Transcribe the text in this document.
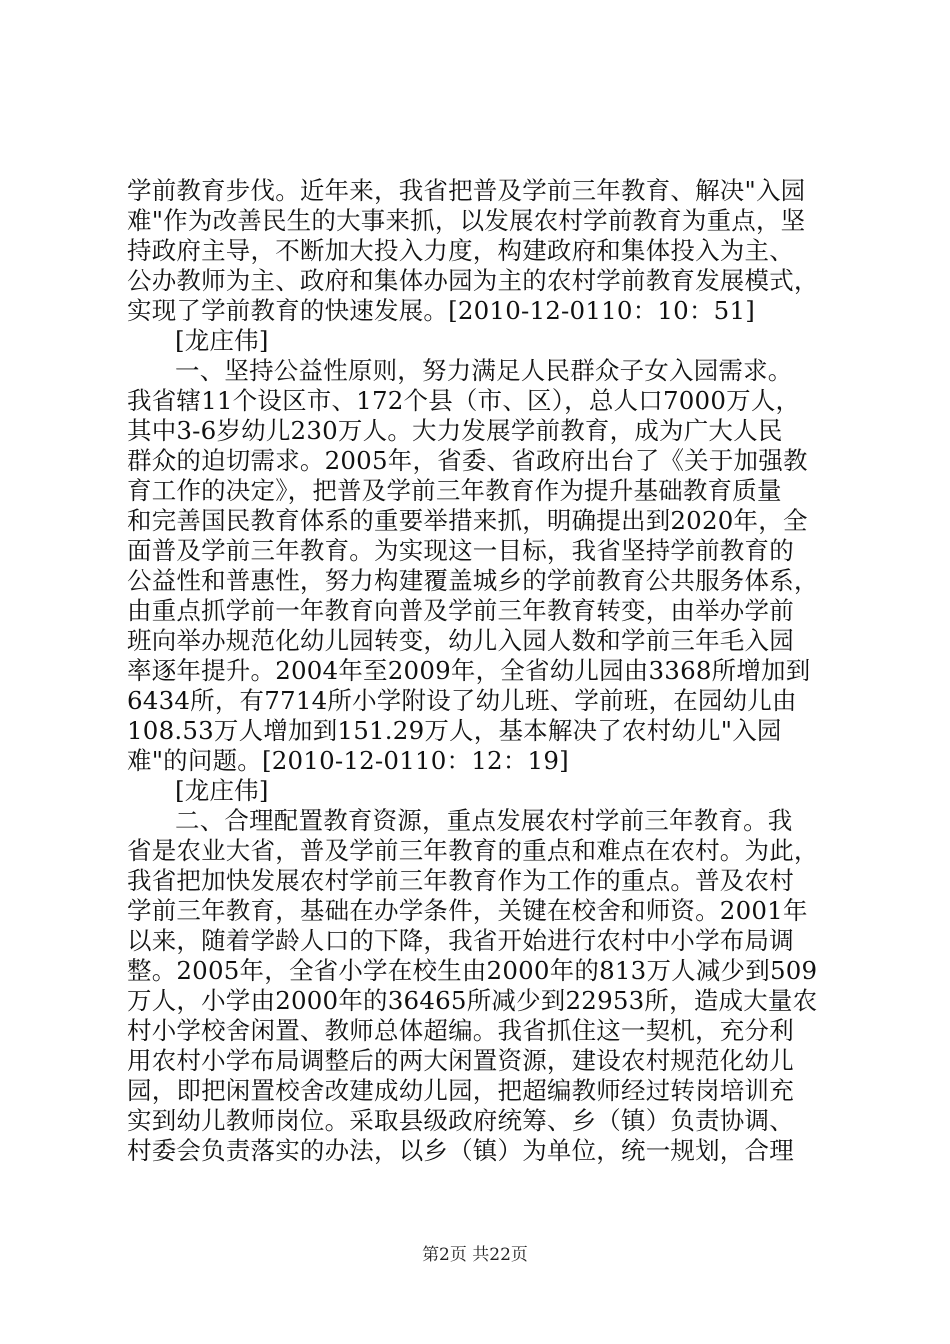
学前教育步伐。近年来，我省把普及学前三年教育、解决"入园
难"作为改善民生的大事来抓，以发展农村学前教育为重点，坚
持政府主导，不断加大投入力度，构建政府和集体投入为主、
公办教师为主、政府和集体办园为主的农村学前教育发展模式，
实现了学前教育的快速发展。[2010-12-0110：10：51]
[龙庄伟]
一、坚持公益性原则，努力满足人民群众子女入园需求。
我省辖11个设区市、172个县（市、区），总人口7000万人，
其中3-6岁幼儿230万人。大力发展学前教育，成为广大人民
群众的迫切需求。2005年，省委、省政府出台了《关于加强教
育工作的决定》，把普及学前三年教育作为提升基础教育质量
和完善国民教育体系的重要举措来抓，明确提出到2020年，全
面普及学前三年教育。为实现这一目标，我省坚持学前教育的
公益性和普惠性，努力构建覆盖城乡的学前教育公共服务体系，
由重点抓学前一年教育向普及学前三年教育转变，由举办学前
班向举办规范化幼儿园转变，幼儿入园人数和学前三年毛入园
率逐年提升。2004年至2009年，全省幼儿园由3368所增加到
6434所，有7714所小学附设了幼儿班、学前班，在园幼儿由
108.53万人增加到151.29万人，基本解决了农村幼儿"入园
难"的问题。[2010-12-0110：12：19]
[龙庄伟]
二、合理配置教育资源，重点发展农村学前三年教育。我
省是农业大省，普及学前三年教育的重点和难点在农村。为此，
我省把加快发展农村学前三年教育作为工作的重点。普及农村
学前三年教育，基础在办学条件，关键在校舍和师资。2001年
以来，随着学龄人口的下降，我省开始进行农村中小学布局调
整。2005年，全省小学在校生由2000年的813万人减少到509
万人，小学由2000年的36465所减少到22953所，造成大量农
村小学校舍闲置、教师总体超编。我省抓住这一契机，充分利
用农村小学布局调整后的两大闲置资源，建设农村规范化幼儿
园，即把闲置校舍改建成幼儿园，把超编教师经过转岗培训充
实到幼儿教师岗位。采取县级政府统筹、乡（镇）负责协调、
村委会负责落实的办法，以乡（镇）为单位，统一规划，合理
第2页 共22页
